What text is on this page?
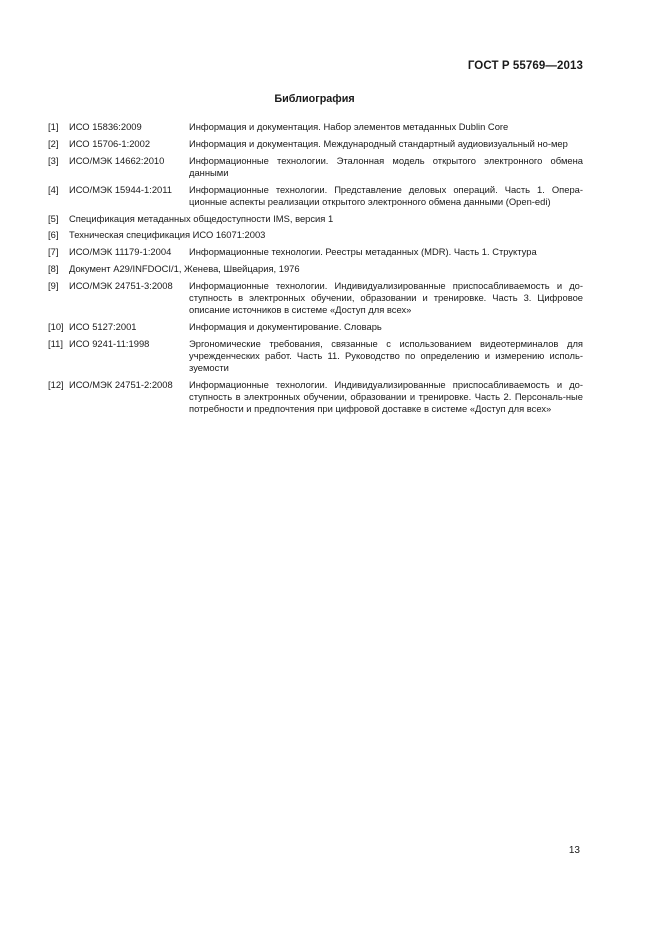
ГОСТ Р 55769—2013
Библиография
[1] ИСО 15836:2009	Информация и документация. Набор элементов метаданных Dublin Core
[2] ИСО 15706-1:2002	Информация и документация. Международный стандартный аудиовизуальный но-мер
[3] ИСО/МЭК 14662:2010	Информационные технологии. Эталонная модель открытого электронного обмена данными
[4] ИСО/МЭК 15944-1:2011 Информационные технологии. Представление деловых операций. Часть 1. Опера-ционные аспекты реализации открытого электронного обмена данными (Open-edi)
[5] Спецификация метаданных общедоступности IMS, версия 1
[6] Техническая спецификация ИСО 16071:2003
[7] ИСО/МЭК 11179-1:2004 Информационные технологии. Реестры метаданных (MDR). Часть 1. Структура
[8] Документ A29/INFDOCI/1, Женева, Швейцария, 1976
[9] ИСО/МЭК 24751-3:2008 Информационные технологии. Индивидуализированные приспосабливаемость и до-ступность в электронных обучении, образовании и тренировке. Часть 3. Цифровое описание источников в системе «Доступ для всех»
[10] ИСО 5127:2001	Информация и документирование. Словарь
[11] ИСО 9241-11:1998	Эргономические требования, связанные с использованием видеотерминалов для учрежденческих работ. Часть 11. Руководство по определению и измерению исполь-зуемости
[12] ИСО/МЭК 24751-2:2008 Информационные технологии. Индивидуализированные приспосабливаемость и до-ступность в электронных обучении, образовании и тренировке. Часть 2. Персональ-ные потребности и предпочтения при цифровой доставке в системе «Доступ для всех»
13
